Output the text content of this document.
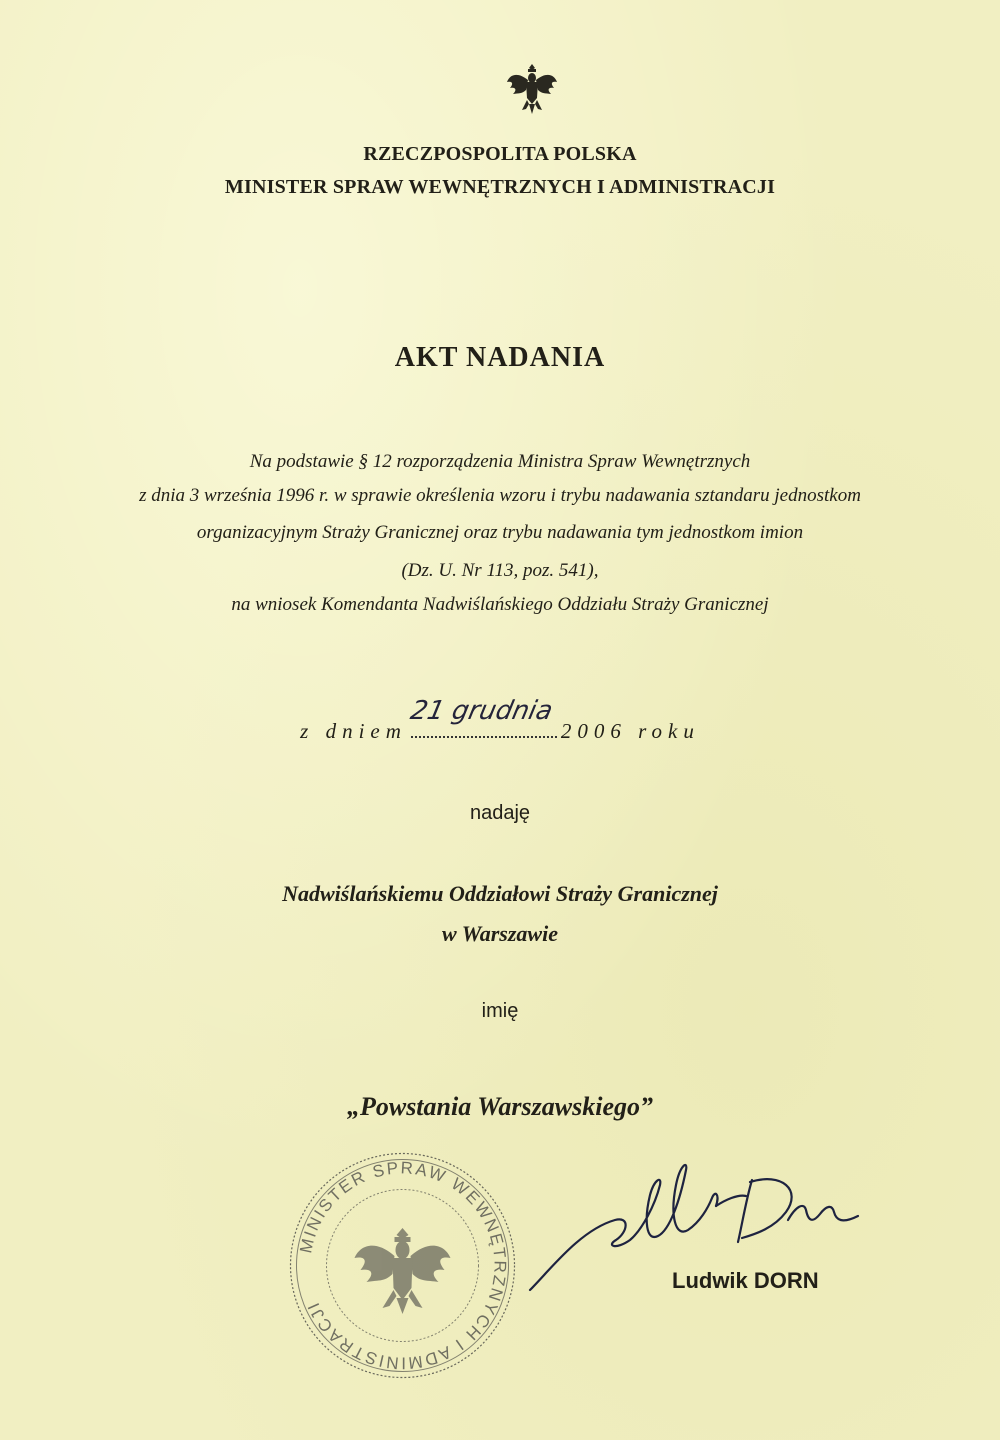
RZECZPOSPOLITA POLSKA
MINISTER SPRAW WEWNĘTRZNYCH I ADMINISTRACJI
AKT NADANIA
Na podstawie § 12 rozporządzenia Ministra Spraw Wewnętrznych
z dnia 3 września 1996 r. w sprawie określenia wzoru i trybu nadawania sztandaru jednostkom
organizacyjnym Straży Granicznej oraz trybu nadawania tym jednostkom imion
(Dz. U. Nr 113, poz. 541),
na wniosek Komendanta Nadwiślańskiego Oddziału Straży Granicznej
z dniem
21 grudnia
2006 roku
nadaję
Nadwiślańskiemu Oddziałowi Straży Granicznej
w Warszawie
imię
„Powstania Warszawskiego”
MINISTER SPRAW WEWNĘTRZNYCH I ADMINISTRACJI
Ludwik DORN
